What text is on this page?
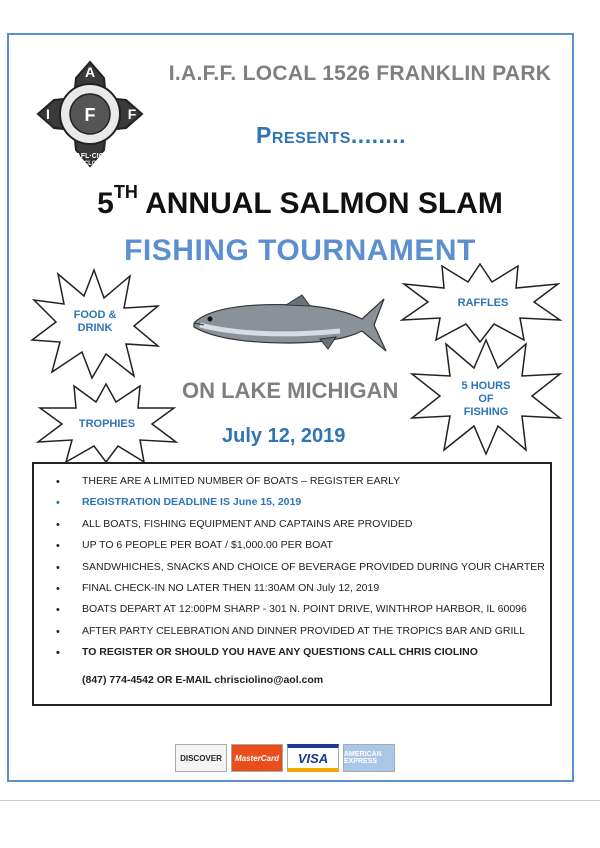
A
I F F
AFL·CIO
CLC
I.A.F.F. LOCAL 1526 FRANKLIN PARK
Presents........
5TH ANNUAL SALMON SLAM
FISHING TOURNAMENT
FOOD &
DRINK
RAFFLES
TROPHIES
5 HOURS
OF
FISHING
ON LAKE MICHIGAN
July 12, 2019
• THERE ARE A LIMITED NUMBER OF BOATS – REGISTER EARLY
• REGISTRATION DEADLINE IS June 15, 2019
• ALL BOATS, FISHING EQUIPMENT AND CAPTAINS ARE PROVIDED
• UP TO 6 PEOPLE PER BOAT / $1,000.00 PER BOAT
• SANDWHICHES, SNACKS AND CHOICE OF BEVERAGE PROVIDED DURING YOUR CHARTER
• FINAL CHECK-IN NO LATER THEN 11:30AM ON July 12, 2019
• BOATS DEPART AT 12:00PM SHARP - 301 N. POINT DRIVE, WINTHROP HARBOR, IL 60096
• AFTER PARTY CELEBRATION AND DINNER PROVIDED AT THE TROPICS BAR AND GRILL
• TO REGISTER OR SHOULD YOU HAVE ANY QUESTIONS CALL CHRIS CIOLINO
(847) 774-4542 OR E-MAIL chrisciolino@aol.com
DISCOVER	MasterCard	VISA	AMERICAN EXPRESS
